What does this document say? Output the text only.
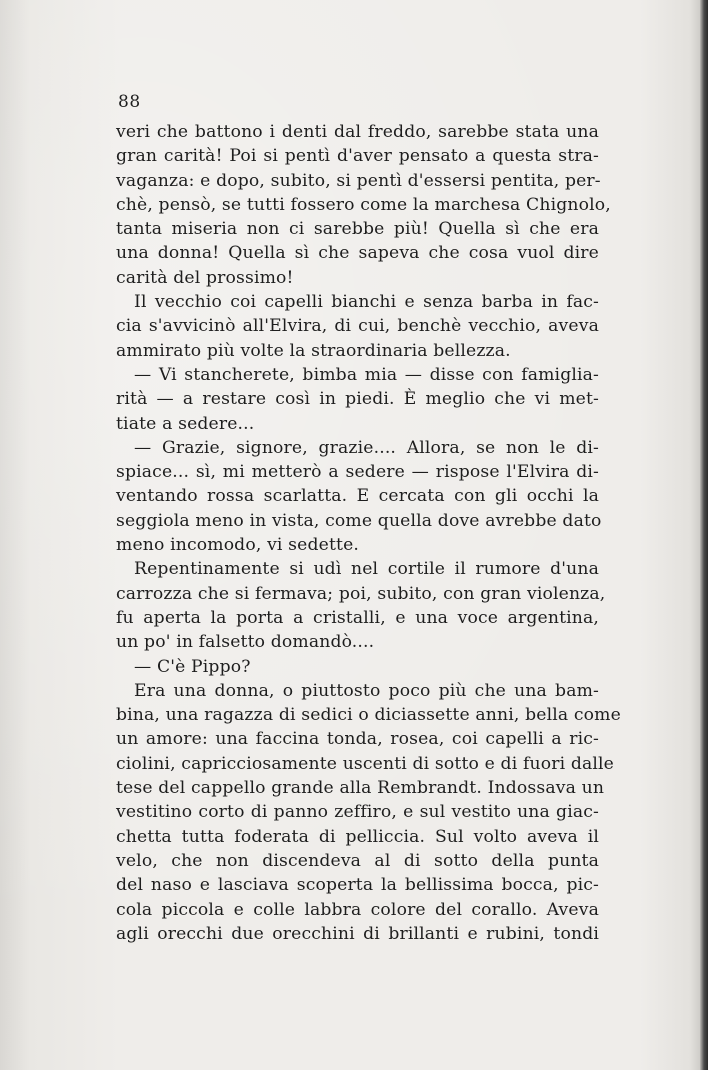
88
veri che battono i denti dal freddo, sarebbe stata una
gran carità! Poi si pentì d'aver pensato a questa stra-
vaganza: e dopo, subito, si pentì d'essersi pentita, per-
chè, pensò, se tutti fossero come la marchesa Chignolo,
tanta miseria non ci sarebbe più! Quella sì che era
una donna! Quella sì che sapeva che cosa vuol dire
carità del prossimo!
Il vecchio coi capelli bianchi e senza barba in fac-
cia s'avvicinò all'Elvira, di cui, benchè vecchio, aveva
ammirato più volte la straordinaria bellezza.
— Vi stancherete, bimba mia — disse con famiglia-
rità — a restare così in piedi. È meglio che vi met-
tiate a sedere...
— Grazie, signore, grazie.... Allora, se non le di-
spiace... sì, mi metterò a sedere — rispose l'Elvira di-
ventando rossa scarlatta. E cercata con gli occhi la
seggiola meno in vista, come quella dove avrebbe dato
meno incomodo, vi sedette.
Repentinamente si udì nel cortile il rumore d'una
carrozza che si fermava; poi, subito, con gran violenza,
fu aperta la porta a cristalli, e una voce argentina,
un po' in falsetto domandò....
— C'è Pippo?
Era una donna, o piuttosto poco più che una bam-
bina, una ragazza di sedici o diciassette anni, bella come
un amore: una faccina tonda, rosea, coi capelli a ric-
ciolini, capricciosamente uscenti di sotto e di fuori dalle
tese del cappello grande alla Rembrandt. Indossava un
vestitino corto di panno zeffiro, e sul vestito una giac-
chetta tutta foderata di pelliccia. Sul volto aveva il
velo, che non discendeva al di sotto della punta
del naso e lasciava scoperta la bellissima bocca, pic-
cola piccola e colle labbra colore del corallo. Aveva
agli orecchi due orecchini di brillanti e rubini, tondi
